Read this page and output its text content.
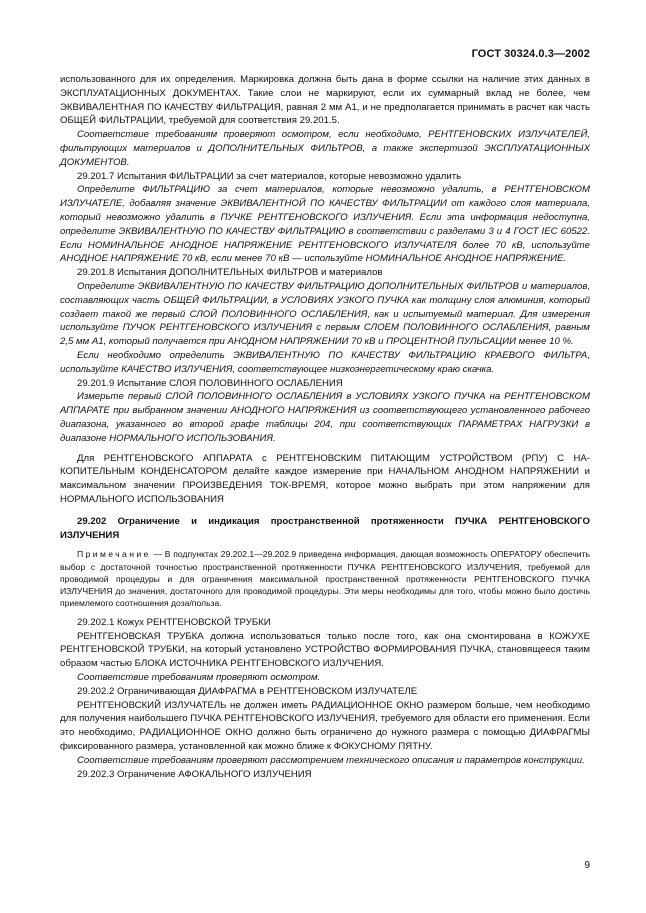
ГОСТ 30324.0.3—2002

использованного для их определения. Маркировка должна быть дана в форме ссылки на наличие этих данных в ЭКСПЛУАТАЦИОННЫХ ДОКУМЕНТАХ. Такие слои не маркируют, если их суммарный вклад не более, чем ЭКВИВАЛЕНТНАЯ ПО КАЧЕСТВУ ФИЛЬТРАЦИЯ, равная 2 мм А1, и не предполагается принимать в расчет как часть ОБЩЕЙ ФИЛЬТРАЦИИ, требуемой для соответствия 29.201.5.

Соответствие требованиям проверяют осмотром, если необходимо, РЕНТГЕНОВСКИХ ИЗЛУЧАТЕЛЕЙ, фильтрующих материалов и ДОПОЛНИТЕЛЬНЫХ ФИЛЬТРОВ, а также экспертизой ЭКСПЛУАТАЦИОННЫХ ДОКУМЕНТОВ.

29.201.7 Испытания ФИЛЬТРАЦИИ за счет материалов, которые невозможно удалить

Определите ФИЛЬТРАЦИЮ за счет материалов, которые невозможно удалить, в РЕНТГЕНОВСКОМ ИЗЛУЧАТЕЛЕ, добавляя значение ЭКВИВАЛЕНТНОЙ ПО КАЧЕСТВУ ФИЛЬТРАЦИИ от каждого слоя материала, который невозможно удалить в ПУЧКЕ РЕНТГЕНОВСКОГО ИЗЛУЧЕНИЯ. Если эта информация недоступна, определите ЭКВИВАЛЕНТНУЮ ПО КАЧЕСТВУ ФИЛЬТРАЦИЮ в соответствии с разделами 3 и 4 ГОСТ IEC 60522. Если НОМИНАЛЬНОЕ АНОДНОЕ НАПРЯЖЕНИЕ РЕНТГЕНОВСКОГО ИЗЛУЧАТЕЛЯ более 70 кВ, используйте АНОДНОЕ НАПРЯЖЕНИЕ 70 кВ, если менее 70 кВ — используйте НОМИНАЛЬНОЕ АНОДНОЕ НАПРЯЖЕНИЕ.

29.201.8 Испытания ДОПОЛНИТЕЛЬНЫХ ФИЛЬТРОВ и материалов

Определите ЭКВИВАЛЕНТНУЮ ПО КАЧЕСТВУ ФИЛЬТРАЦИЮ ДОПОЛНИТЕЛЬНЫХ ФИЛЬТРОВ и материалов, составляющих часть ОБЩЕЙ ФИЛЬТРАЦИИ, в УСЛОВИЯХ УЗКОГО ПУЧКА как толщину слоя алюминия, который создает такой же первый СЛОЙ ПОЛОВИННОГО ОСЛАБЛЕНИЯ, как и испытуемый материал. Для измерения используйте ПУЧОК РЕНТГЕНОВСКОГО ИЗЛУЧЕНИЯ с первым СЛОЕМ ПОЛОВИННОГО ОСЛАБЛЕНИЯ, равным 2,5 мм А1, который получается при АНОДНОМ НАПРЯЖЕНИИ 70 кВ и ПРОЦЕНТНОЙ ПУЛЬСАЦИИ менее 10 %.

Если необходимо определить ЭКВИВАЛЕНТНУЮ ПО КАЧЕСТВУ ФИЛЬТРАЦИЮ КРАЕВОГО ФИЛЬТРА, используйте КАЧЕСТВО ИЗЛУЧЕНИЯ, соответствующее низкоэнергетическому краю скачка.

29.201.9 Испытание СЛОЯ ПОЛОВИННОГО ОСЛАБЛЕНИЯ

Измерьте первый СЛОЙ ПОЛОВИННОГО ОСЛАБЛЕНИЯ в УСЛОВИЯХ УЗКОГО ПУЧКА на РЕНТГЕНОВСКОМ АППАРАТЕ при выбранном значении АНОДНОГО НАПРЯЖЕНИЯ из соответствующего установленного рабочего диапазона, указанного во второй графе таблицы 204, при соответствующих ПАРАМЕТРАХ НАГРУЗКИ в диапазоне НОРМАЛЬНОГО ИСПОЛЬЗОВАНИЯ.

Для РЕНТГЕНОВСКОГО АППАРАТА с РЕНТГЕНОВСКИМ ПИТАЮЩИМ УСТРОЙСТВОМ (РПУ) С НАКОПИТЕЛЬНЫМ КОНДЕНСАТОРОМ делайте каждое измерение при НАЧАЛЬНОМ АНОДНОМ НАПРЯЖЕНИИ и максимальном значении ПРОИЗВЕДЕНИЯ ТОК-ВРЕМЯ, которое можно выбрать при этом напряжении для НОРМАЛЬНОГО ИСПОЛЬЗОВАНИЯ

29.202 Ограничение и индикация пространственной протяженности ПУЧКА РЕНТГЕНОВСКОГО ИЗЛУЧЕНИЯ

Примечание — В подпунктах 29.202.1—29.202.9 приведена информация, дающая возможность ОПЕРАТОРУ обеспечить выбор с достаточной точностью пространственной протяженности ПУЧКА РЕНТГЕНОВСКОГО ИЗЛУЧЕНИЯ, требуемой для проводимой процедуры и для ограничения максимальной пространственной протяженности РЕНТГЕНОВСКОГО ПУЧКА ИЗЛУЧЕНИЯ до значения, достаточного для проводимой процедуры. Эти меры необходимы для того, чтобы можно было достичь приемлемого соотношения доза/польза.

29.202.1 Кожух РЕНТГЕНОВСКОЙ ТРУБКИ

РЕНТГЕНОВСКАЯ ТРУБКА должна использоваться только после того, как она смонтирована в КОЖУХЕ РЕНТГЕНОВСКОЙ ТРУБКИ, на который установлено УСТРОЙСТВО ФОРМИРОВАНИЯ ПУЧКА, становящееся таким образом частью БЛОКА ИСТОЧНИКА РЕНТГЕНОВСКОГО ИЗЛУЧЕНИЯ.

Соответствие требованиям проверяют осмотром.

29.202.2 Ограничивающая ДИАФРАГМА в РЕНТГЕНОВСКОМ ИЗЛУЧАТЕЛЕ

РЕНТГЕНОВСКИЙ ИЗЛУЧАТЕЛЬ не должен иметь РАДИАЦИОННОЕ ОКНО размером больше, чем необходимо для получения наибольшего ПУЧКА РЕНТГЕНОВСКОГО ИЗЛУЧЕНИЯ, требуемого для области его применения. Если это необходимо, РАДИАЦИОННОЕ ОКНО должно быть ограничено до нужного размера с помощью ДИАФРАГМЫ фиксированного размера, установленной как можно ближе к ФОКУСНОМУ ПЯТНУ.

Соответствие требованиям проверяют рассмотрением технического описания и параметров конструкции.

29.202.3 Ограничение АФОКАЛЬНОГО ИЗЛУЧЕНИЯ

9
